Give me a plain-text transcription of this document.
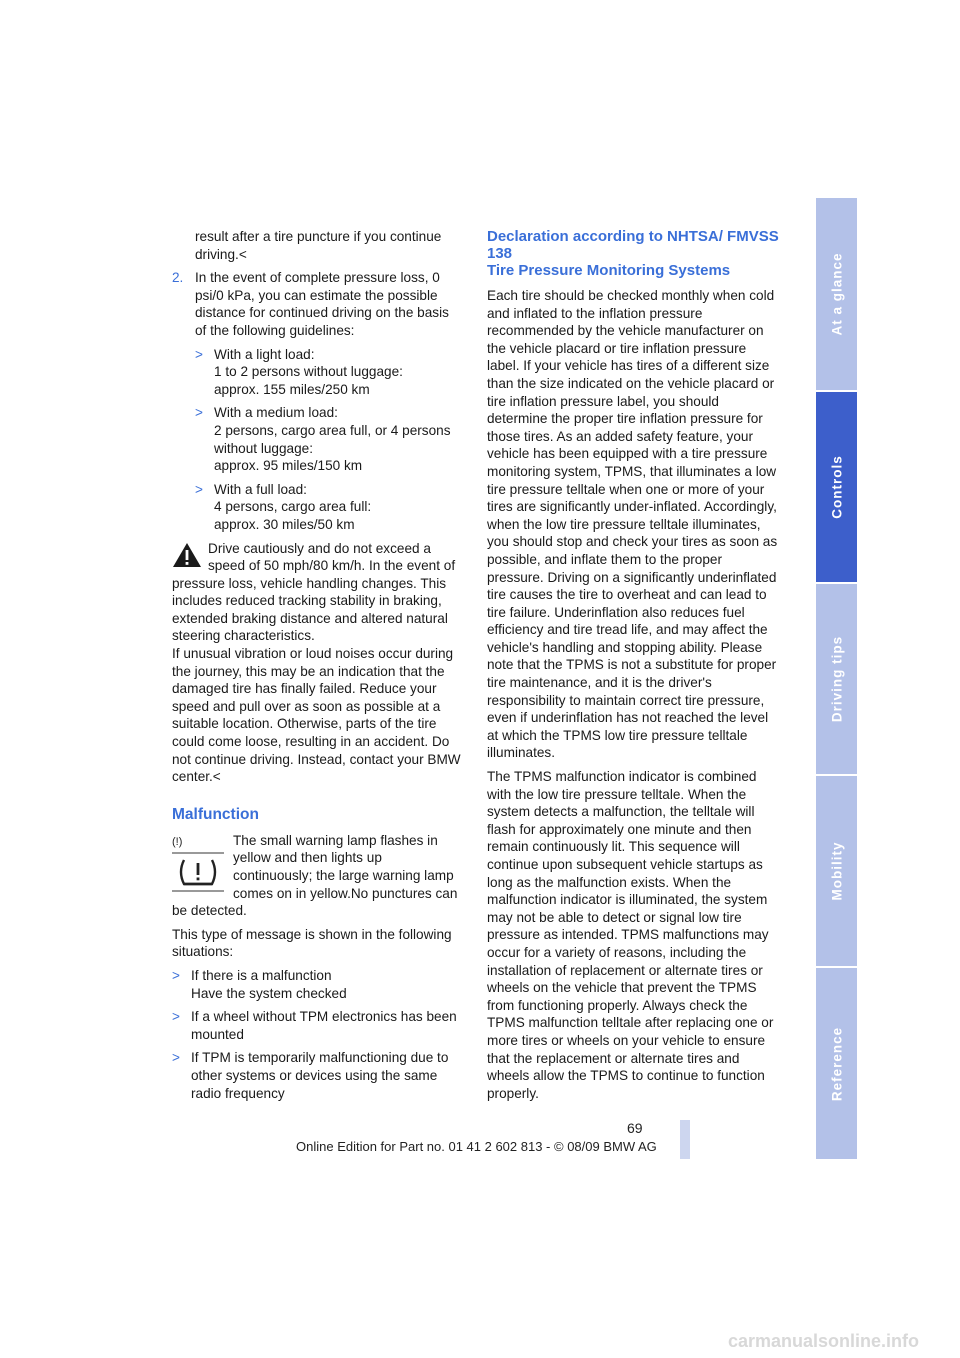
result after a tire puncture if you continue driving.<

2. In the event of complete pressure loss, 0 psi/0 kPa, you can estimate the possible distance for continued driving on the basis of the following guidelines:
> With a light load:
1 to 2 persons without luggage:
approx. 155 miles/250 km
> With a medium load:
2 persons, cargo area full, or 4 persons without luggage:
approx. 95 miles/150 km
> With a full load:
4 persons, cargo area full:
approx. 30 miles/50 km

Drive cautiously and do not exceed a speed of 50 mph/80 km/h. In the event of pressure loss, vehicle handling changes. This includes reduced tracking stability in braking, extended braking distance and altered natural steering characteristics.

If unusual vibration or loud noises occur during the journey, this may be an indication that the damaged tire has finally failed. Reduce your speed and pull over as soon as possible at a suitable location. Otherwise, parts of the tire could come loose, resulting in an accident. Do not continue driving. Instead, contact your BMW center.<

Malfunction
(!)	The small warning lamp flashes in yellow and then lights up continuously; the large warning lamp comes on in yellow.No punctures can be detected.

This type of message is shown in the following situations:

> If there is a malfunction
Have the system checked
> If a wheel without TPM electronics has been mounted
> If TPM is temporarily malfunctioning due to other systems or devices using the same radio frequency
Declaration according to NHTSA/ FMVSS 138
Tire Pressure Monitoring Systems

Each tire should be checked monthly when cold and inflated to the inflation pressure recommended by the vehicle manufacturer on the vehicle placard or tire inflation pressure label. If your vehicle has tires of a different size than the size indicated on the vehicle placard or tire inflation pressure label, you should determine the proper tire inflation pressure for those tires. As an added safety feature, your vehicle has been equipped with a tire pressure monitoring system, TPMS, that illuminates a low tire pressure telltale when one or more of your tires are significantly under-inflated. Accordingly, when the low tire pressure telltale illuminates, you should stop and check your tires as soon as possible, and inflate them to the proper pressure. Driving on a significantly underinflated tire causes the tire to overheat and can lead to tire failure. Underinflation also reduces fuel efficiency and tire tread life, and may affect the vehicle's handling and stopping ability. Please note that the TPMS is not a substitute for proper tire maintenance, and it is the driver's responsibility to maintain correct tire pressure, even if underinflation has not reached the level at which the TPMS low tire pressure telltale illuminates.

The TPMS malfunction indicator is combined with the low tire pressure telltale. When the system detects a malfunction, the telltale will flash for approximately one minute and then remain continuously lit. This sequence will continue upon subsequent vehicle startups as long as the malfunction exists. When the malfunction indicator is illuminated, the system may not be able to detect or signal low tire pressure as intended. TPMS malfunctions may occur for a variety of reasons, including the installation of replacement or alternate tires or wheels on the vehicle that prevent the TPMS from functioning properly. Always check the TPMS malfunction telltale after replacing one or more tires or wheels on your vehicle to ensure that the replacement or alternate tires and wheels allow the TPMS to continue to function properly.

At a glance
Controls
Driving tips
Mobility
Reference
69
Online Edition for Part no. 01 41 2 602 813 - © 08/09 BMW AG
carmanualsonline.info
